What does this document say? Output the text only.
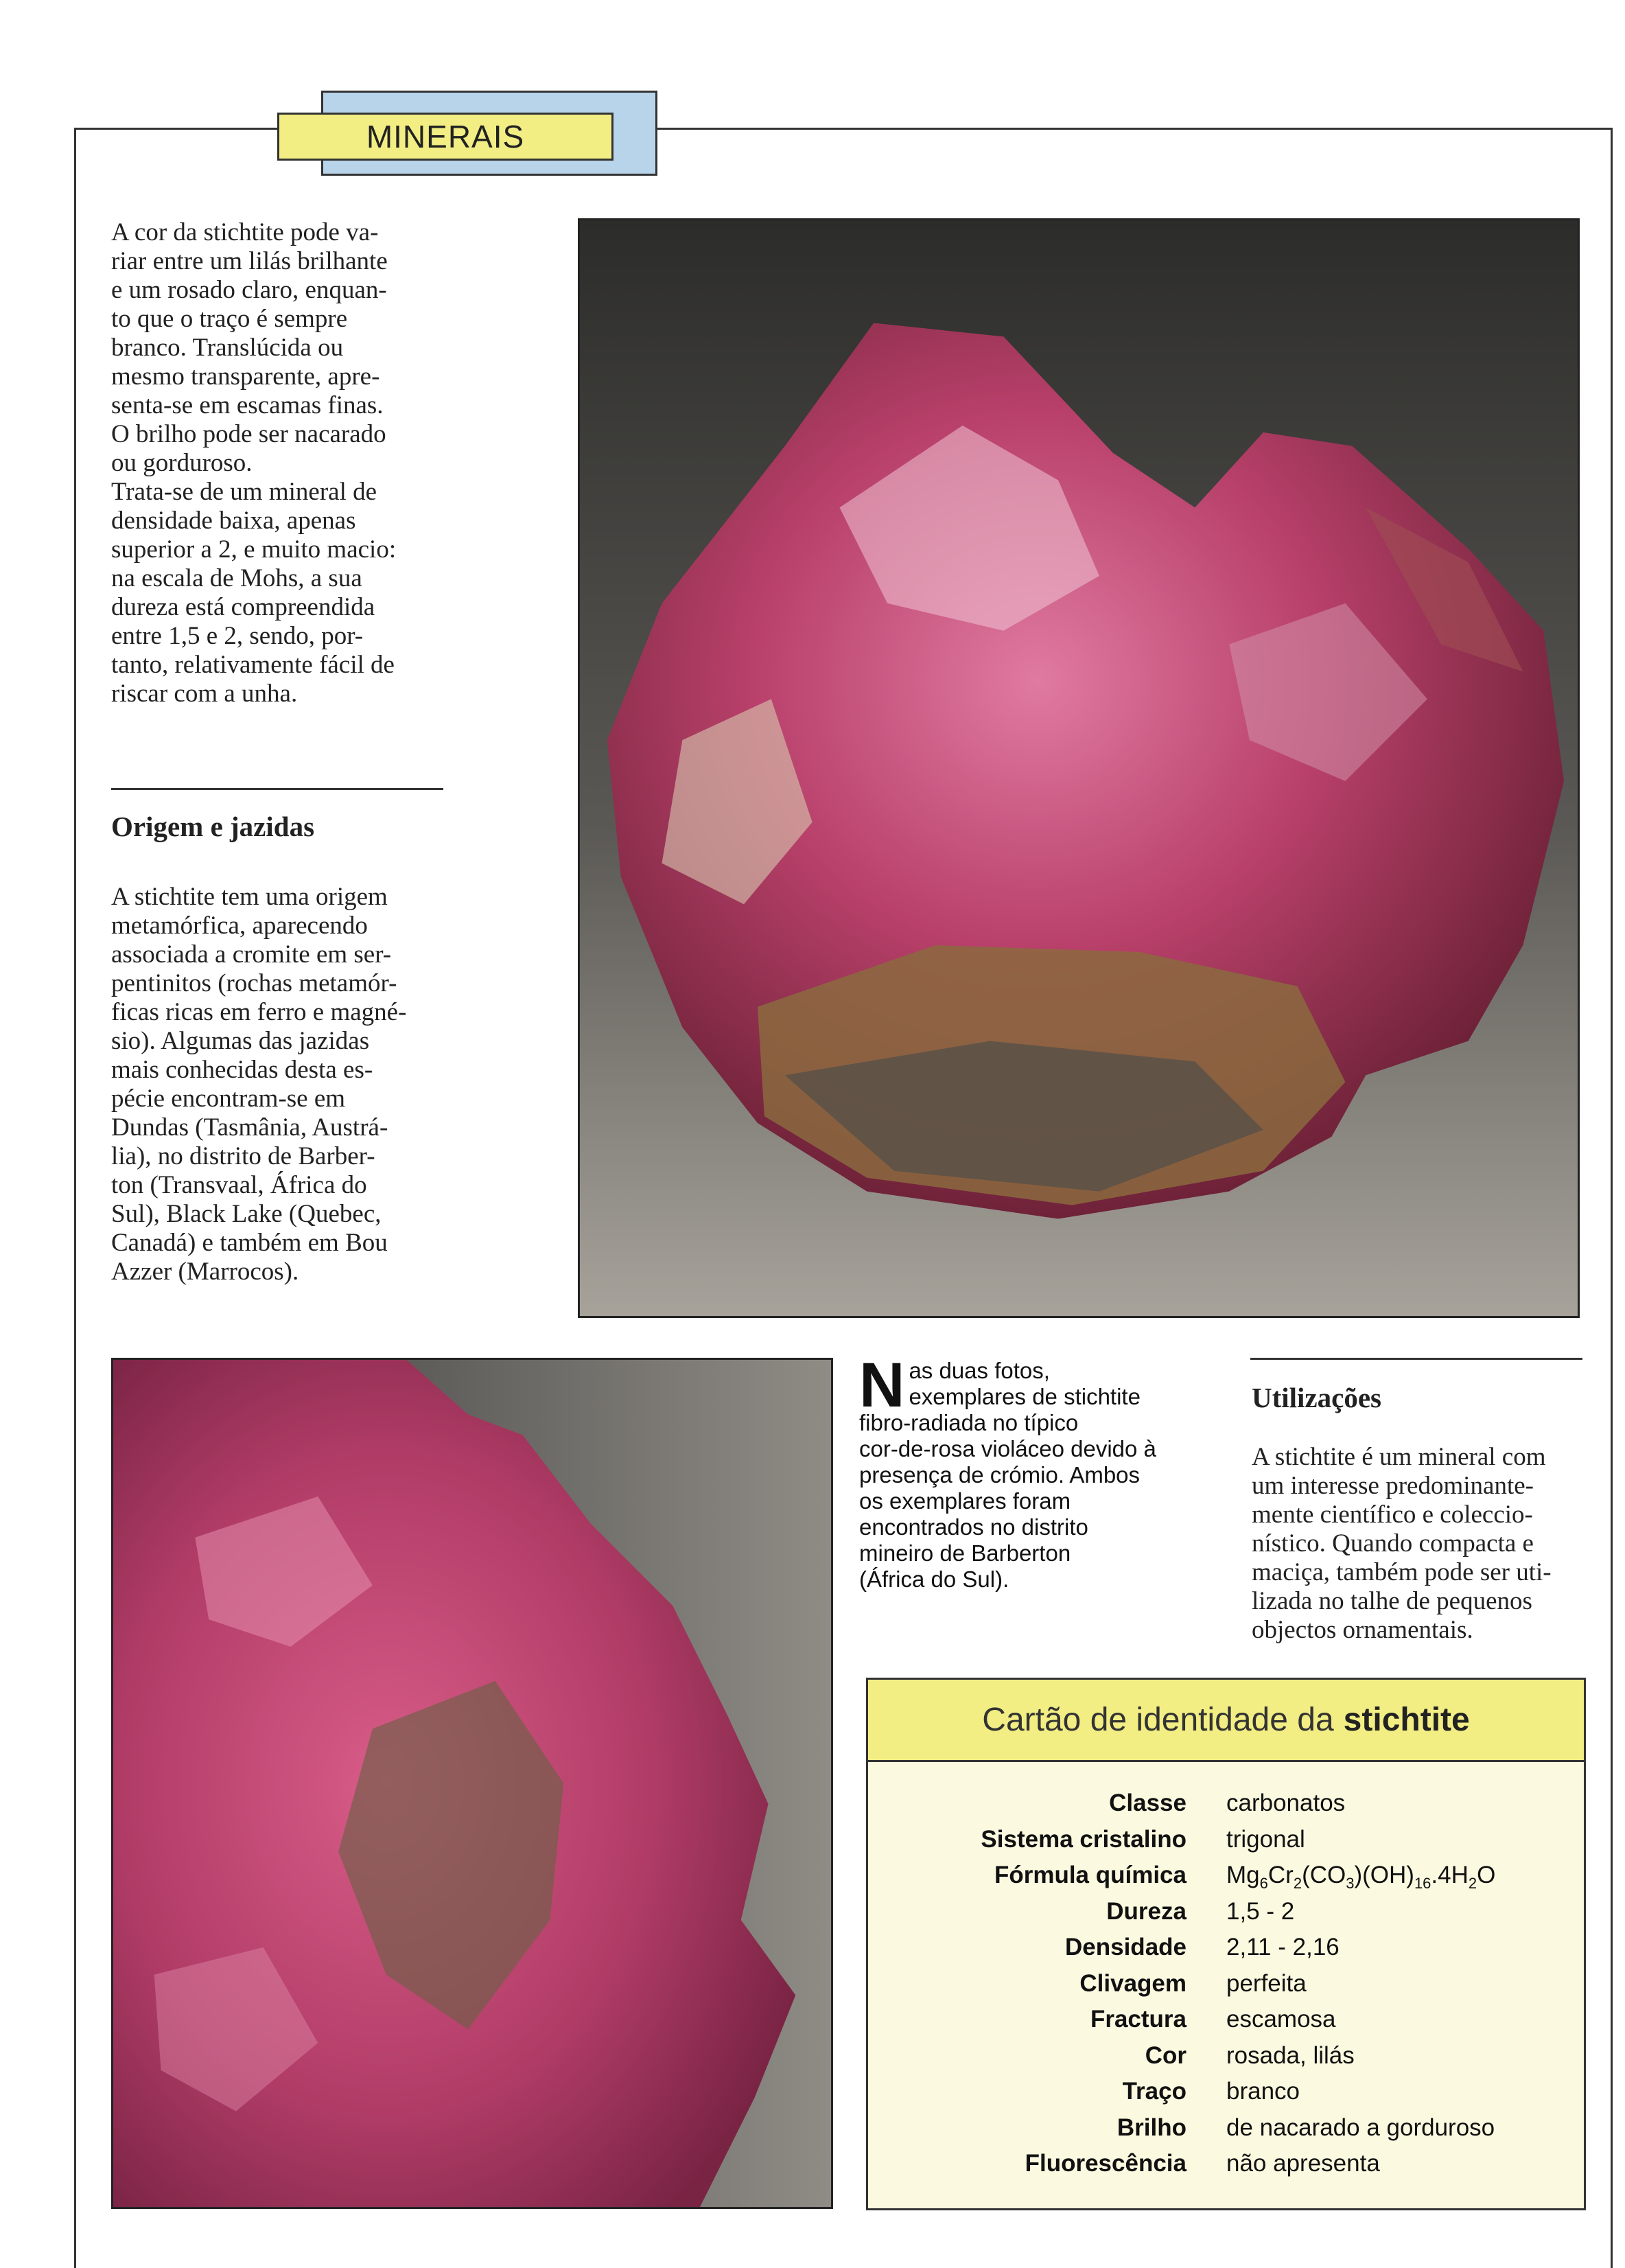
MINERAIS

A cor da stichtite pode va-

riar entre um lilás brilhante

e um rosado claro, enquan-

to que o traço é sempre

branco. Translúcida ou

mesmo transparente, apre-

senta-se em escamas finas.

O brilho pode ser nacarado

ou gorduroso.

Trata-se de um mineral de

densidade baixa, apenas

superior a 2, e muito macio:

na escala de Mohs, a sua

dureza está compreendida

entre 1,5 e 2, sendo, por-

tanto, relativamente fácil de

riscar com a unha.

Origem e jazidas

A stichtite tem uma origem

metamórfica, aparecendo

associada a cromite em ser-

pentinitos (rochas metamór-

ficas ricas em ferro e magné-

sio). Algumas das jazidas

mais conhecidas desta es-

pécie encontram-se em

Dundas (Tasmânia, Austrá-

lia), no distrito de Barber-

ton (Transvaal, África do

Sul), Black Lake (Quebec,

Canadá) e também em Bou

Azzer (Marrocos).

N as duas fotos,
exemplares de stichtite
fibro-radiada no típico
cor-de-rosa violáceo devido à
presença de crómio. Ambos
os exemplares foram
encontrados no distrito
mineiro de Barberton
(África do Sul).
Utilizações

A stichtite é um mineral com

um interesse predominante-

mente científico e coleccio-

nístico. Quando compacta e

maciça, também pode ser uti-

lizada no talhe de pequenos

objectos ornamentais.

Cartão de identidade da stichtite
Classe carbonatos
Sistema cristalino trigonal
Fórmula química $Mg_6Cr_2(CO_3)(OH)_{16}.4H_2O$
Dureza 1,5 - 2
Densidade 2,11 - 2,16
Clivagem perfeita
Fractura escamosa
Cor rosada, lilás
Traço branco
Brilho de nacarado a gorduroso
Fluorescência não apresenta
